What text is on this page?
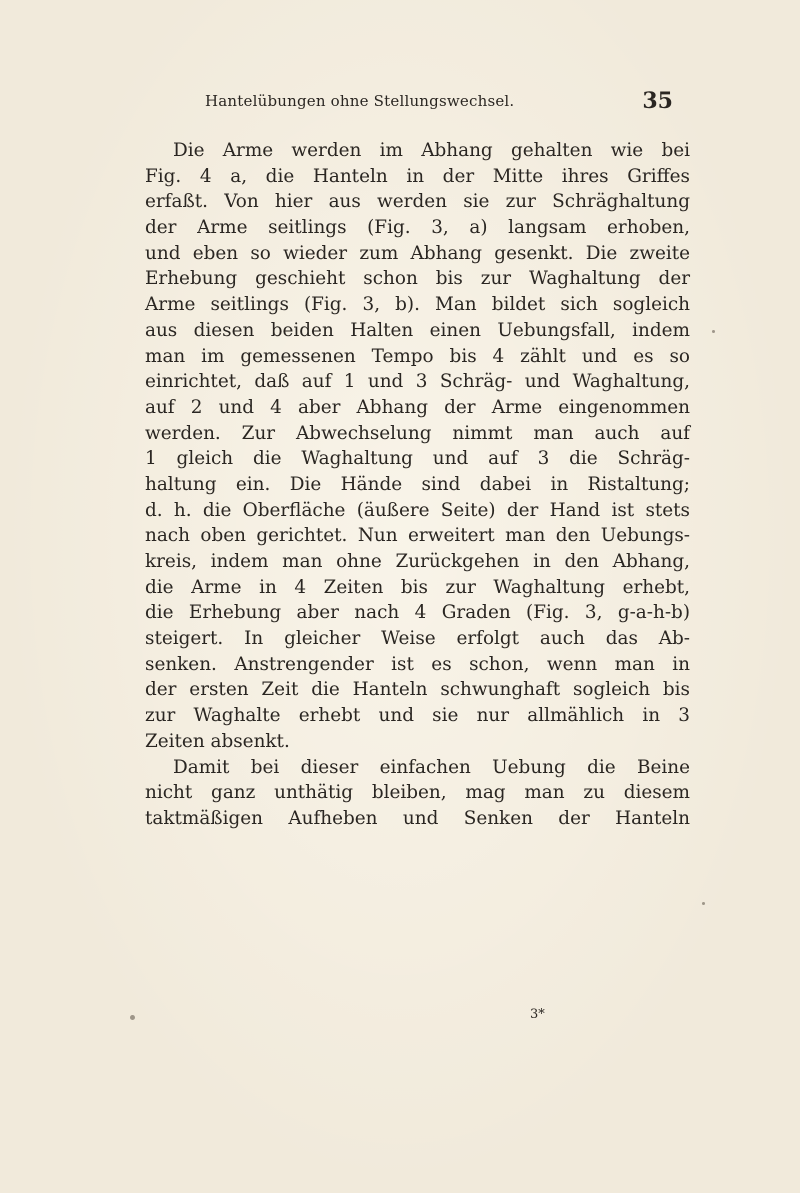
Hantelübungen ohne Stellungswechsel.	35
Die Arme werden im Abhang gehalten wie bei
Fig. 4 a, die Hanteln in der Mitte ihres Griffes
erfaßt. Von hier aus werden sie zur Schräghaltung
der Arme seitlings (Fig. 3, a) langsam erhoben,
und eben so wieder zum Abhang gesenkt. Die zweite
Erhebung geschieht schon bis zur Waghaltung der
Arme seitlings (Fig. 3, b). Man bildet sich sogleich
aus diesen beiden Halten einen Uebungsfall, indem
man im gemessenen Tempo bis 4 zählt und es so
einrichtet, daß auf 1 und 3 Schräg- und Waghaltung,
auf 2 und 4 aber Abhang der Arme eingenommen
werden. Zur Abwechselung nimmt man auch auf
1 gleich die Waghaltung und auf 3 die Schräg-
haltung ein. Die Hände sind dabei in Ristaltung;
d. h. die Oberfläche (äußere Seite) der Hand ist stets
nach oben gerichtet. Nun erweitert man den Uebungs-
kreis, indem man ohne Zurückgehen in den Abhang,
die Arme in 4 Zeiten bis zur Waghaltung erhebt,
die Erhebung aber nach 4 Graden (Fig. 3, g-a-h-b)
steigert. In gleicher Weise erfolgt auch das Ab-
senken. Anstrengender ist es schon, wenn man in
der ersten Zeit die Hanteln schwunghaft sogleich bis
zur Waghalte erhebt und sie nur allmählich in 3
Zeiten absenkt.
Damit bei dieser einfachen Uebung die Beine
nicht ganz unthätig bleiben, mag man zu diesem
taktmäßigen Aufheben und Senken der Hanteln
3*
